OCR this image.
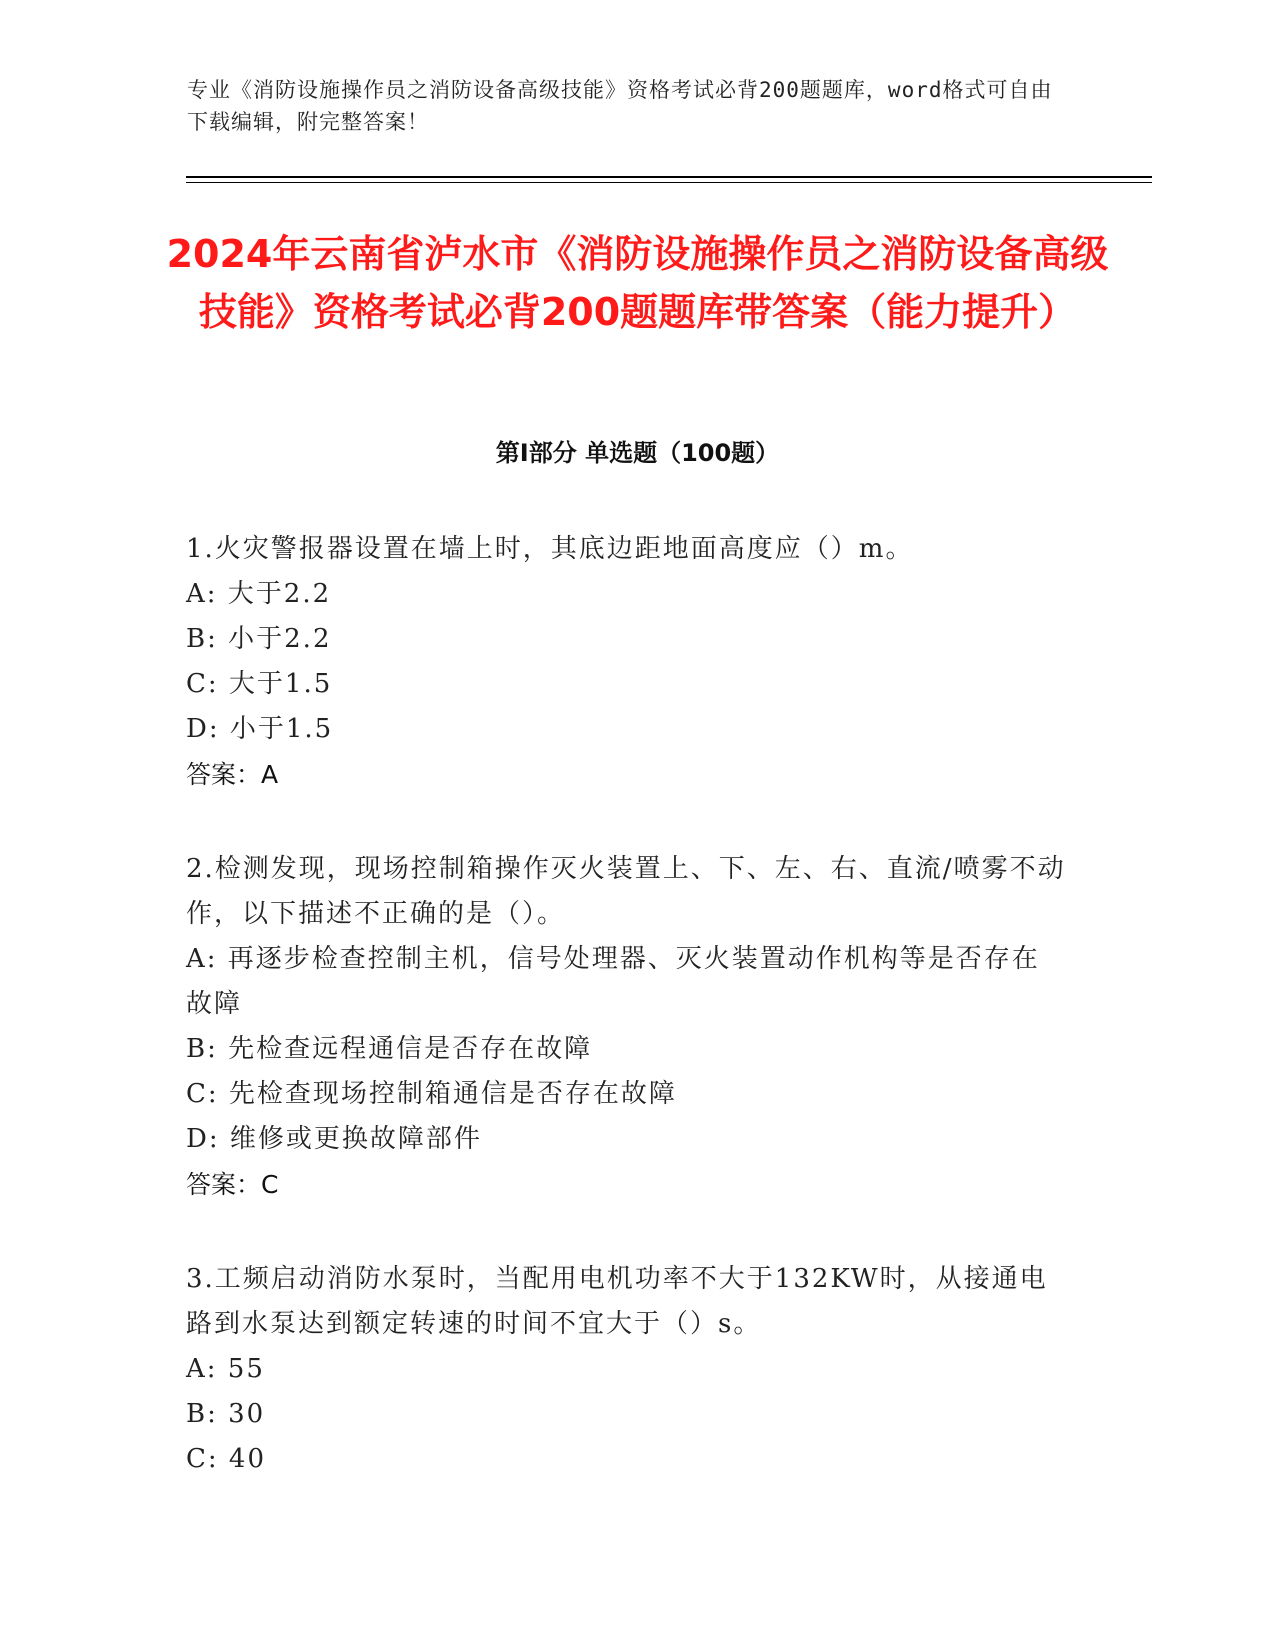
专业《消防设施操作员之消防设备高级技能》资格考试必背200题题库，word格式可自由下载编辑，附完整答案！
2024年云南省泸水市《消防设施操作员之消防设备高级技能》资格考试必背200题题库带答案（能力提升）
第Ⅰ部分 单选题（100题）

1.火灾警报器设置在墙上时，其底边距地面高度应（）m。

A: 大于2.2

B: 小于2.2

C: 大于1.5

D: 小于1.5

答案：A

2.检测发现，现场控制箱操作灭火装置上、下、左、右、直流/喷雾不动作，以下描述不正确的是（）。

A: 再逐步检查控制主机，信号处理器、灭火装置动作机构等是否存在故障

B: 先检查远程通信是否存在故障

C: 先检查现场控制箱通信是否存在故障

D: 维修或更换故障部件

答案：C

3.工频启动消防水泵时，当配用电机功率不大于132KW时，从接通电路到水泵达到额定转速的时间不宜大于（）s。

A: 55

B: 30

C: 40
